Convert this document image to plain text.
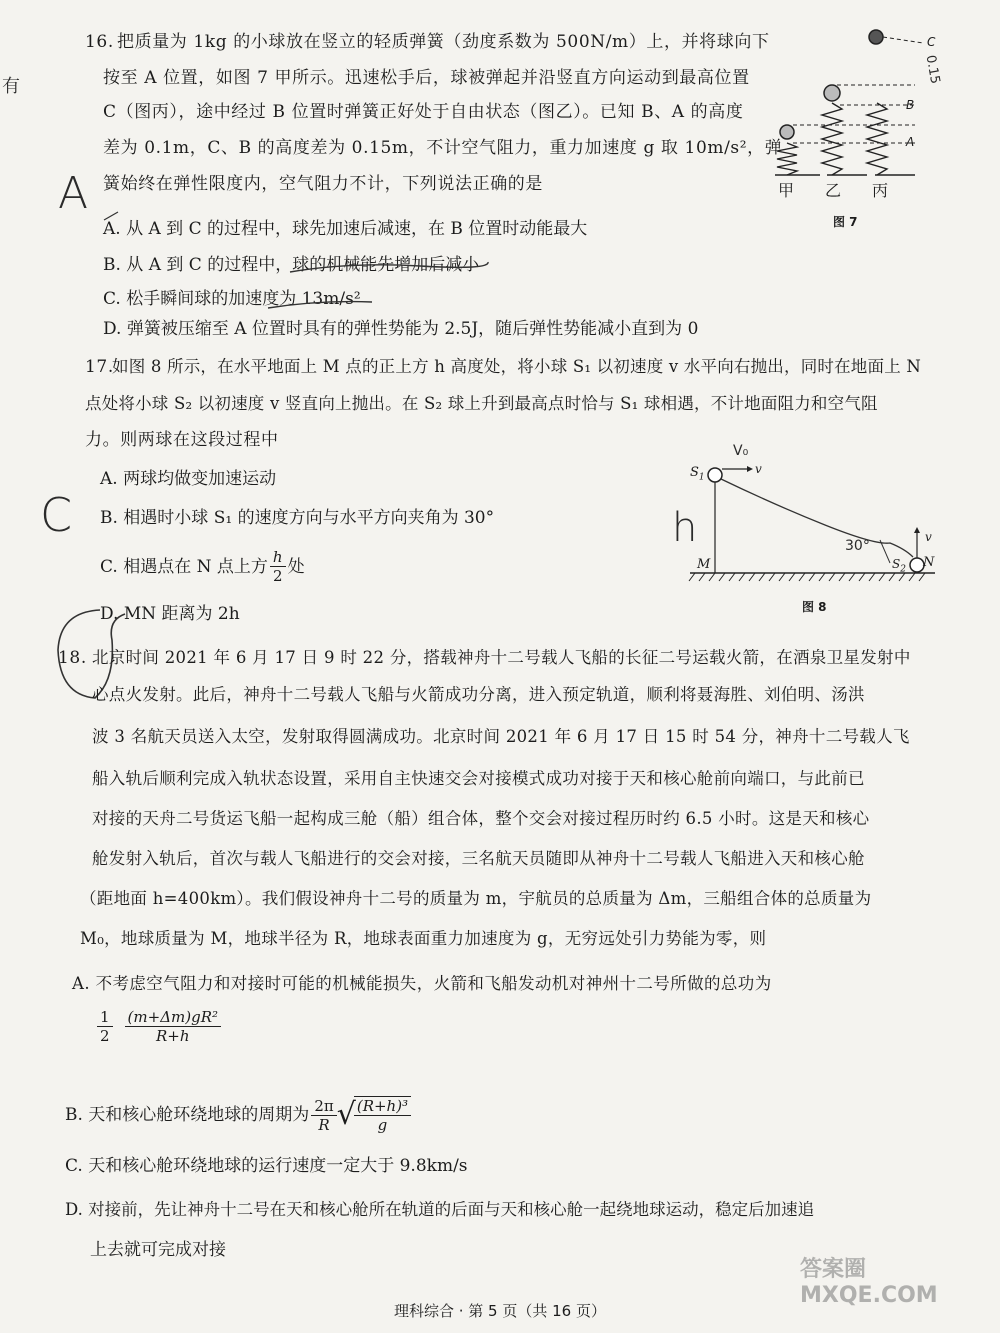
有
16. 把质量为 1kg 的小球放在竖立的轻质弹簧（劲度系数为 500N/m）上，并将球向下
按至 A 位置，如图 7 甲所示。迅速松手后，球被弹起并沿竖直方向运动到最高位置
C（图丙），途中经过 B 位置时弹簧正好处于自由状态（图乙）。已知 B、A 的高度
差为 0.1m，C、B 的高度差为 0.15m，不计空气阻力，重力加速度 g 取 10m/s²，弹
簧始终在弹性限度内，空气阻力不计，下列说法正确的是
A
A. 从 A 到 C 的过程中，球先加速后减速，在 B 位置时动能最大
B. 从 A 到 C 的过程中，球的机械能先增加后减小
C. 松手瞬间球的加速度为 13m/s²
D. 弹簧被压缩至 A 位置时具有的弹性势能为 2.5J，随后弹性势能减小直到为 0
C
B
A
0.15
甲 乙 丙
图 7
17.
如图 8 所示，在水平地面上 M 点的正上方 h 高度处，将小球 S₁ 以初速度 v 水平向右抛出，同时在地面上 N
点处将小球 S₂ 以初速度 v 竖直向上抛出。在 S₂ 球上升到最高点时恰与 S₁ 球相遇，不计地面阻力和空气阻
力。则两球在这段过程中
A. 两球均做变加速运动
B. 相遇时小球 S₁ 的速度方向与水平方向夹角为 30°
C. 相遇点在 N 点上方 $\frac{h}{2}$ 处
D. MN 距离为 2h
C
$S_1$
v
V₀
h	30°
M	$S_2$ N
v
图 8
18. 北京时间 2021 年 6 月 17 日 9 时 22 分，搭载神舟十二号载人飞船的长征二号运载火箭，在酒泉卫星发射中
心点火发射。此后，神舟十二号载人飞船与火箭成功分离，进入预定轨道，顺利将聂海胜、刘伯明、汤洪
波 3 名航天员送入太空，发射取得圆满成功。北京时间 2021 年 6 月 17 日 15 时 54 分，神舟十二号载人飞
船入轨后顺利完成入轨状态设置，采用自主快速交会对接模式成功对接于天和核心舱前向端口，与此前已
对接的天舟二号货运飞船一起构成三舱（船）组合体，整个交会对接过程历时约 6.5 小时。这是天和核心
舱发射入轨后，首次与载人飞船进行的交会对接，三名航天员随即从神舟十二号载人飞船进入天和核心舱
（距地面 h=400km）。我们假设神舟十二号的质量为 m，宇航员的总质量为 Δm，三船组合体的总质量为
M₀，地球质量为 M，地球半径为 R，地球表面重力加速度为 g，无穷远处引力势能为零，则
A. 不考虑空气阻力和对接时可能的机械能损失，火箭和飞船发动机对神州十二号所做的总功为
$\frac{1}{2} \frac{\text{(m+Δm)gR²}}{R+h}$
B. 天和核心舱环绕地球的周期为 $\frac{2\pi}{R}$ √
$\frac{\text{(R+h)³}}{g}$
C. 天和核心舱环绕地球的运行速度一定大于 9.8km/s
D. 对接前，先让神舟十二号在天和核心舱所在轨道的后面与天和核心舱一起绕地球运动，稳定后加速追
上去就可完成对接
理科综合 · 第 5 页（共 16 页）
答案圈 MXQE.COM
